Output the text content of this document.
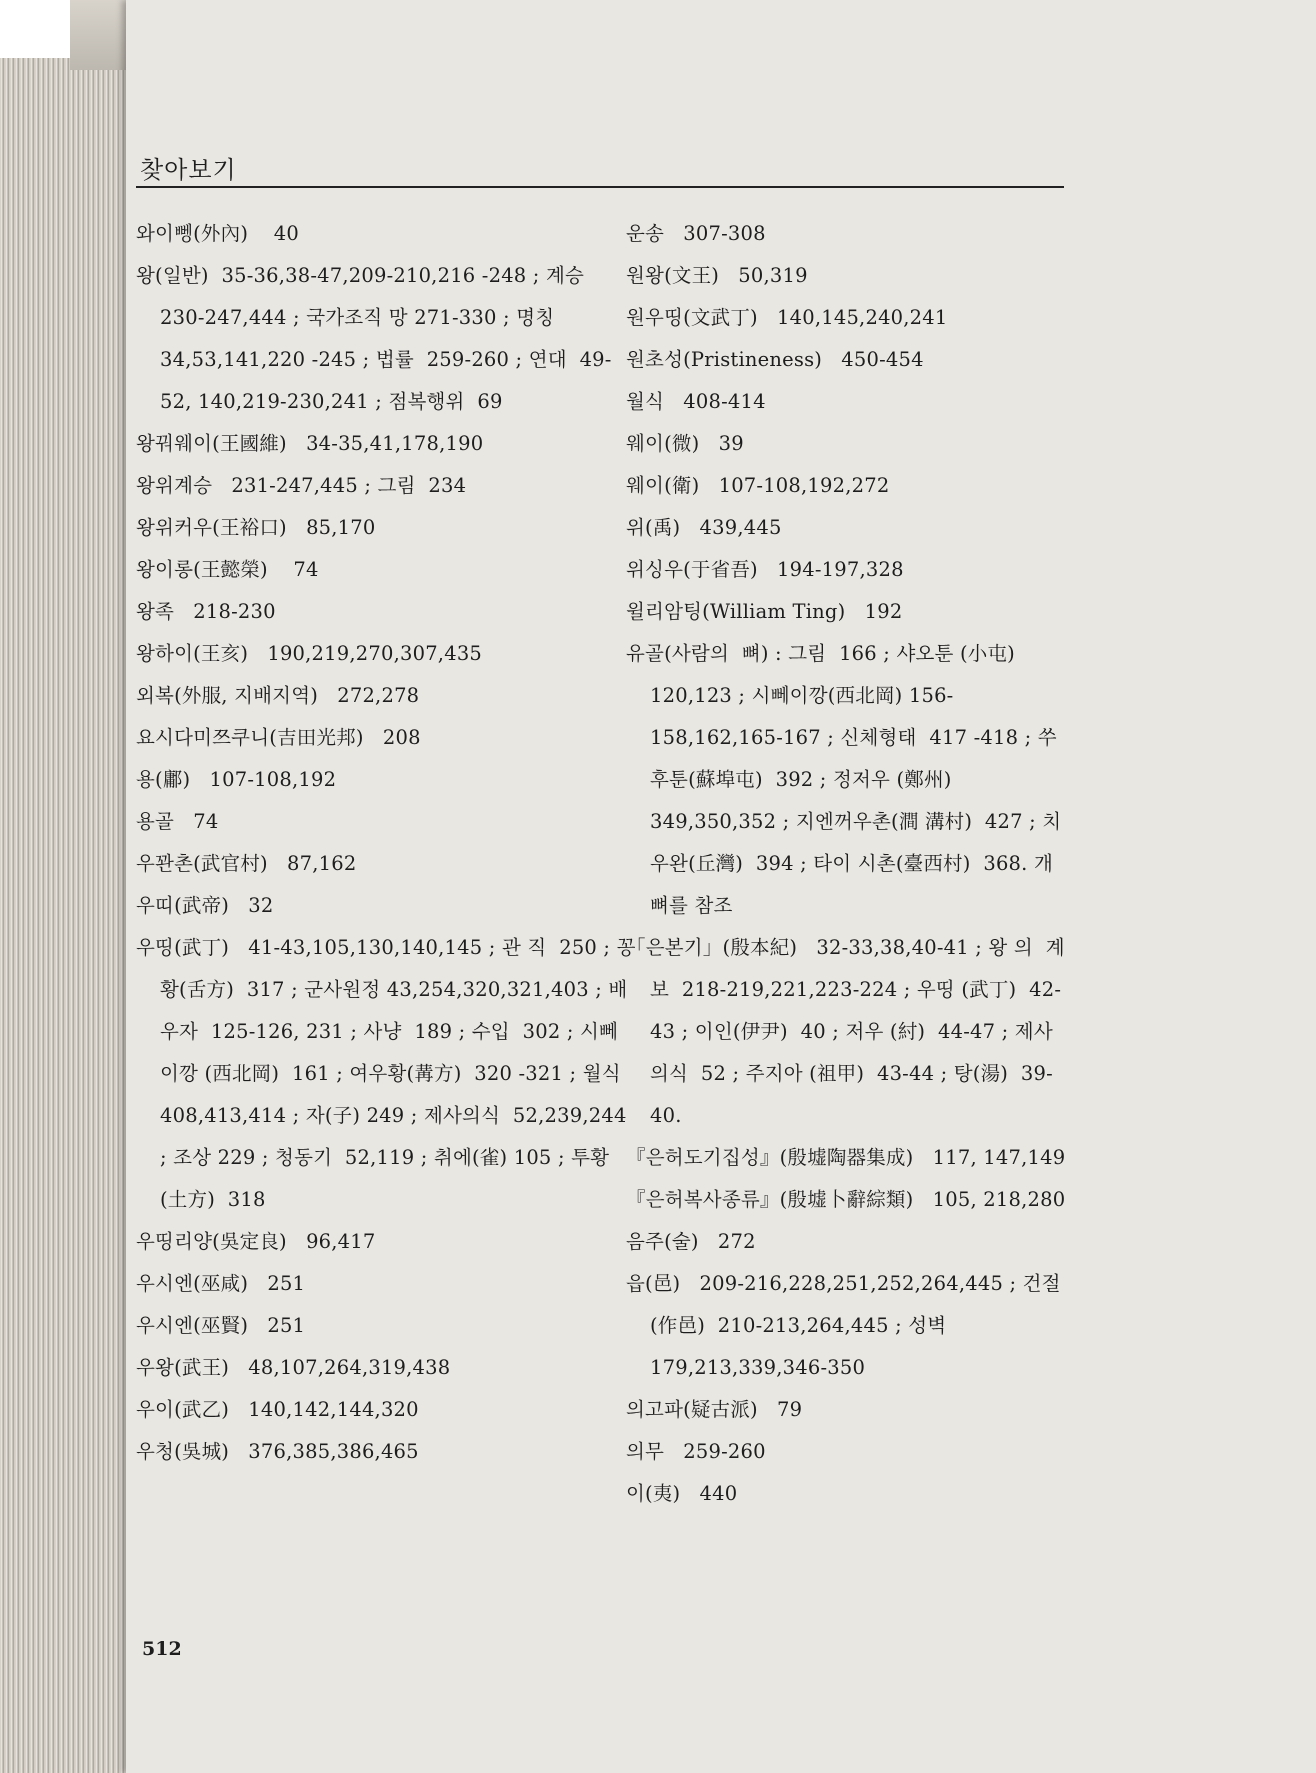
찾아보기
와이뼁(外內)    40
왕(일반)  35-36,38-47,209-210,216 -248 ; 계승  230-247,444 ; 국가조직 망 271-330 ; 명칭 34,53,141,220 -245 ; 법률  259-260 ; 연대  49-52, 140,219-230,241 ; 점복행위  69
왕꿔웨이(王國維)   34-35,41,178,190
왕위계승   231-247,445 ; 그림  234
왕위커우(王裕口)   85,170
왕이롱(王懿榮)    74
왕족   218-230
왕하이(王亥)   190,219,270,307,435
외복(外服, 지배지역)   272,278
요시다미쯔쿠니(吉田光邦)   208
용(鄘)   107-108,192
용골   74
우꽌촌(武官村)   87,162
우띠(武帝)   32
우띵(武丁)   41-43,105,130,140,145 ; 관 직  250 ; 꽁황(舌方)  317 ; 군사원정 43,254,320,321,403 ; 배우자  125-126, 231 ; 사냥  189 ; 수입  302 ; 시뻬이깡 (西北岡)  161 ; 여우황(冓方)  320 -321 ; 월식  408,413,414 ; 자(子) 249 ; 제사의식  52,239,244 ; 조상 229 ; 청동기  52,119 ; 취에(雀) 105 ; 투황(土方)  318
우띵리양(吳定良)   96,417
우시엔(巫咸)   251
우시엔(巫賢)   251
우왕(武王)   48,107,264,319,438
우이(武乙)   140,142,144,320
우청(吳城)   376,385,386,465
운송   307-308
원왕(文王)   50,319
원우띵(文武丁)   140,145,240,241
원초성(Pristineness)   450-454
월식   408-414
웨이(微)   39
웨이(衛)   107-108,192,272
위(禹)   439,445
위싱우(于省吾)   194-197,328
윌리암팅(William Ting)   192
유골(사람의  뼈) : 그림  166 ; 샤오툰 (小屯)  120,123 ; 시뻬이깡(西北岡) 156-158,162,165-167 ; 신체형태  417 -418 ; 쑤후툰(蘇埠屯)  392 ; 정저우 (鄭州)  349,350,352 ; 지엔꺼우촌(澗 溝村)  427 ; 치우완(丘灣)  394 ; 타이 시촌(臺西村)  368. 개뼈를 참조
「은본기」(殷本紀)   32-33,38,40-41 ; 왕 의  계보  218-219,221,223-224 ; 우띵 (武丁)  42-43 ; 이인(伊尹)  40 ; 저우 (紂)  44-47 ; 제사의식  52 ; 주지아 (祖甲)  43-44 ; 탕(湯)  39-40.
『은허도기집성』(殷墟陶器集成)   117, 147,149
『은허복사종류』(殷墟卜辭綜類)   105, 218,280
음주(술)   272
읍(邑)   209-216,228,251,252,264,445 ; 건절(作邑)  210-213,264,445 ; 성벽 179,213,339,346-350
의고파(疑古派)   79
의무   259-260
이(夷)   440
512
